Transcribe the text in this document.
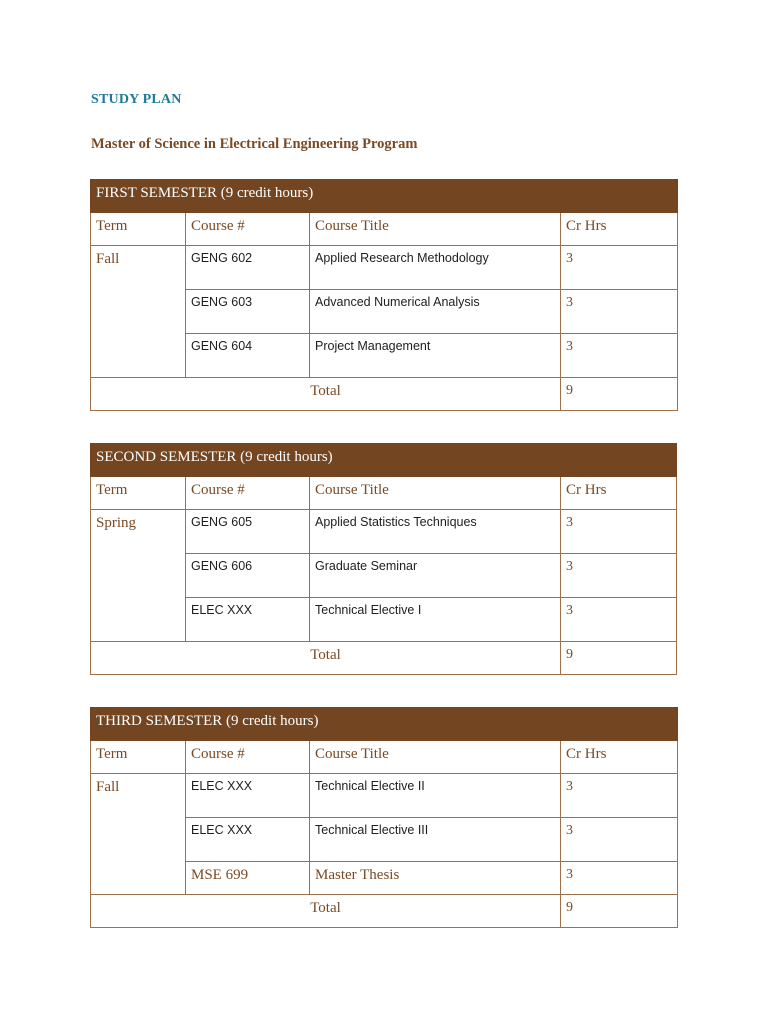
STUDY PLAN
Master of Science in Electrical Engineering Program
FIRST SEMESTER (9 credit hours)			
Term	Course #	Course Title	Cr Hrs
Fall	GENG 602	Applied Research Methodology	3
	GENG 603	Advanced Numerical Analysis	3
	GENG 604	Project Management	3
Total			9
SECOND SEMESTER (9 credit hours)			
Term	Course #	Course Title	Cr Hrs
Spring	GENG 605	Applied Statistics Techniques	3
	GENG 606	Graduate Seminar	3
	ELEC XXX	Technical Elective I	3
Total			9
THIRD SEMESTER (9 credit hours)			
Term	Course #	Course Title	Cr Hrs
Fall	ELEC XXX	Technical Elective II	3
	ELEC XXX	Technical Elective III	3
	MSE 699	Master Thesis	3
Total			9
